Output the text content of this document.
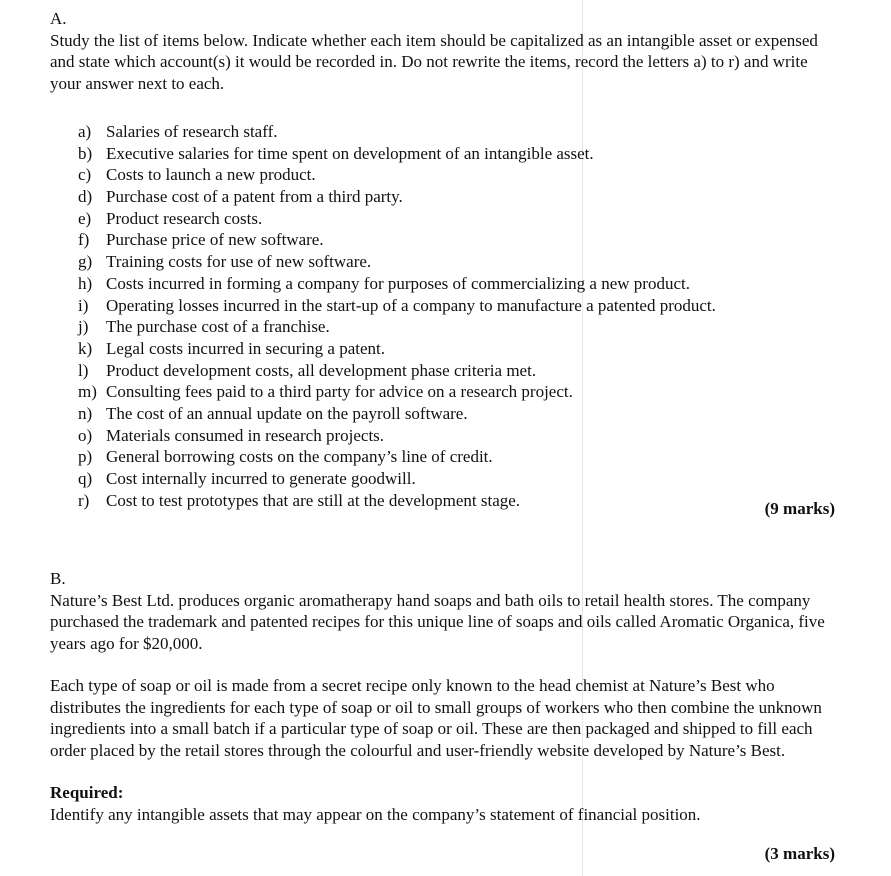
A.

Study the list of items below. Indicate whether each item should be capitalized as an intangible asset or expensed and state which account(s) it would be recorded in. Do not rewrite the items, record the letters a) to r) and write your answer next to each.

a) Salaries of research staff.
b) Executive salaries for time spent on development of an intangible asset.
c) Costs to launch a new product.
d) Purchase cost of a patent from a third party.
e) Product research costs.
f) Purchase price of new software.
g) Training costs for use of new software.
h) Costs incurred in forming a company for purposes of commercializing a new product.
i)	Operating losses incurred in the start-up of a company to manufacture a patented product.
j)	The purchase cost of a franchise.
k) Legal costs incurred in securing a patent.
l)	Product development costs, all development phase criteria met.
m) Consulting fees paid to a third party for advice on a research project.
n) The cost of an annual update on the payroll software.
o) Materials consumed in research projects.
p) General borrowing costs on the company’s line of credit.
q) Cost internally incurred to generate goodwill.
r) Cost to test prototypes that are still at the development stage.	(9 marks)

B.

Nature’s Best Ltd. produces organic aromatherapy hand soaps and bath oils to retail health stores. The company purchased the trademark and patented recipes for this unique line of soaps and oils called Aromatic Organica, five years ago for $20,000.

Each type of soap or oil is made from a secret recipe only known to the head chemist at Nature’s Best who distributes the ingredients for each type of soap or oil to small groups of workers who then combine the unknown ingredients into a small batch if a particular type of soap or oil. These are then packaged and shipped to fill each order placed by the retail stores through the colourful and user-friendly website developed by Nature’s Best.

Required:

Identify any intangible assets that may appear on the company’s statement of financial position.

(3 marks)
